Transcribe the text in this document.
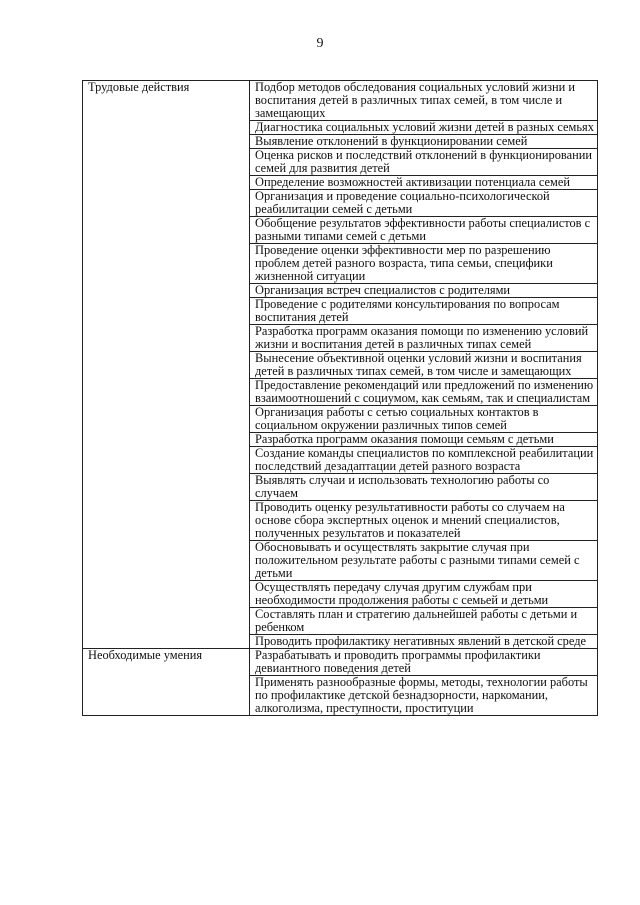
9
Трудовые действия	Подбор методов обследования социальных условий жизни и воспитания детей в различных типах семей, в том числе и замещающих
	Диагностика социальных условий жизни детей в разных семьях
	Выявление отклонений в функционировании семей
	Оценка рисков и последствий отклонений в функционировании семей для развития детей
	Определение возможностей активизации потенциала семей
	Организация и проведение социально-психологической реабилитации семей с детьми
	Обобщение результатов эффективности работы специалистов с разными типами семей с детьми
	Проведение оценки эффективности мер по разрешению проблем детей разного возраста, типа семьи, специфики жизненной ситуации
	Организация встреч специалистов с родителями
	Проведение с родителями консультирования по вопросам воспитания детей
	Разработка программ оказания помощи по изменению условий жизни и воспитания детей в различных типах семей
	Вынесение объективной оценки условий жизни и воспитания детей в различных типах семей, в том числе и замещающих
	Предоставление рекомендаций или предложений по изменению взаимоотношений с социумом, как семьям, так и специалистам
	Организация работы с сетью социальных контактов в социальном окружении различных типов семей
	Разработка программ оказания помощи семьям с детьми
	Создание команды специалистов по комплексной реабилитации последствий дезадаптации детей разного возраста
	Выявлять случаи и использовать технологию работы со случаем
	Проводить оценку результативности работы со случаем на основе сбора экспертных оценок и мнений специалистов, полученных результатов и показателей
	Обосновывать и осуществлять закрытие случая при положительном результате работы с разными типами семей с детьми
	Осуществлять передачу случая другим службам при необходимости продолжения работы с семьей и детьми
	Составлять план и стратегию дальнейшей работы с детьми и ребенком
	Проводить профилактику негативных явлений в детской среде
Необходимые умения	Разрабатывать и проводить программы профилактики девиантного поведения детей
	Применять разнообразные формы, методы, технологии работы по профилактике детской безнадзорности, наркомании, алкоголизма, преступности, проституции
